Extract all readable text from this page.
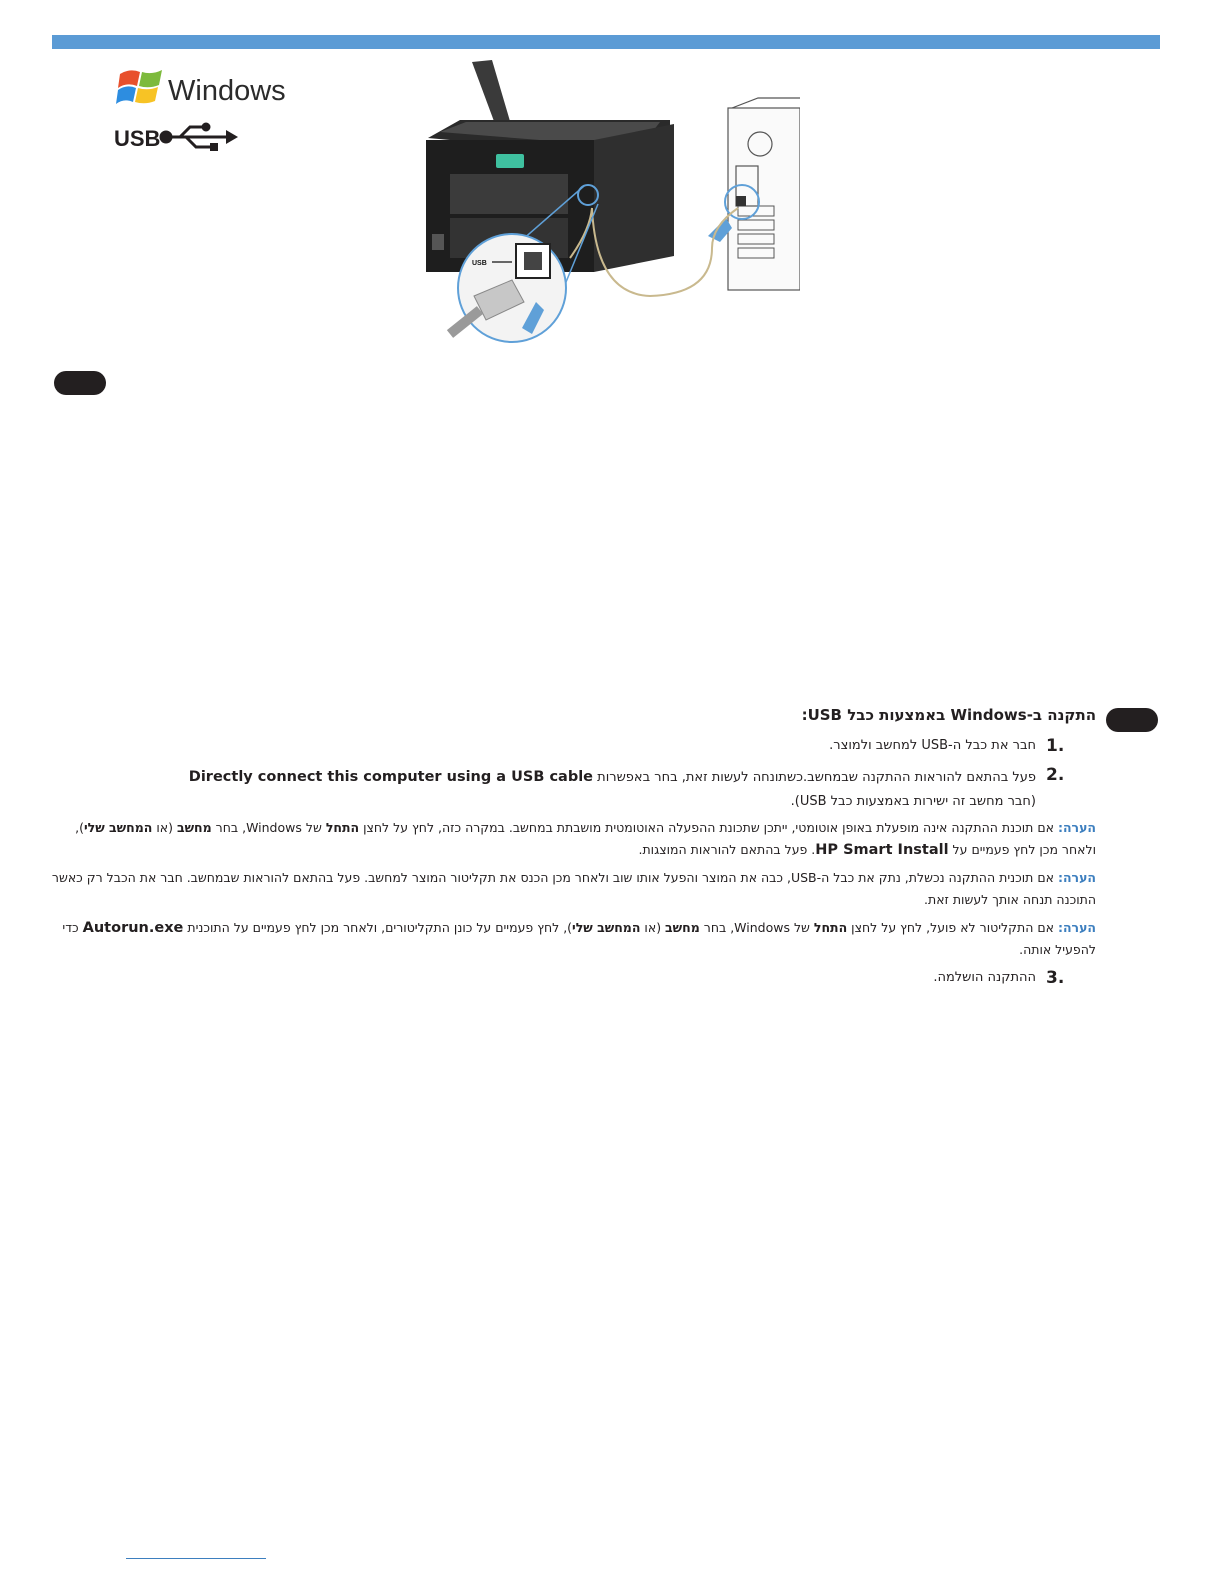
Windows
USB
USB
התקנה ב-Windows באמצעות כבל USB:
1.
חבר את כבל ה-USB למחשב ולמוצר.
2.
פעל בהתאם להוראות ההתקנה שבמחשב.כשתונחה לעשות זאת, בחר באפשרות Directly connect this computer using a USB cable
(חבר מחשב זה ישירות באמצעות כבל USB).
הערה: אם תוכנת ההתקנה אינה מופעלת באופן אוטומטי, ייתכן שתכונת ההפעלה האוטומטית מושבתת במחשב. במקרה כזה, לחץ על לחצן התחל של Windows, בחר מחשב (או המחשב שלי), ולאחר מכן לחץ פעמיים על HP Smart Install. פעל בהתאם להוראות המוצגות.
הערה: אם תוכנית ההתקנה נכשלת, נתק את כבל ה-USB, כבה את המוצר והפעל אותו שוב ולאחר מכן הכנס את תקליטור המוצר למחשב. פעל בהתאם להוראות שבמחשב. חבר את הכבל רק כאשר התוכנה תנחה אותך לעשות זאת.
הערה: אם התקליטור לא פועל, לחץ על לחצן התחל של Windows, בחר מחשב (או המחשב שלי), לחץ פעמיים על כונן התקליטורים, ולאחר מכן לחץ פעמיים על התוכנית Autorun.exe כדי להפעיל אותה.
3.
ההתקנה הושלמה.
